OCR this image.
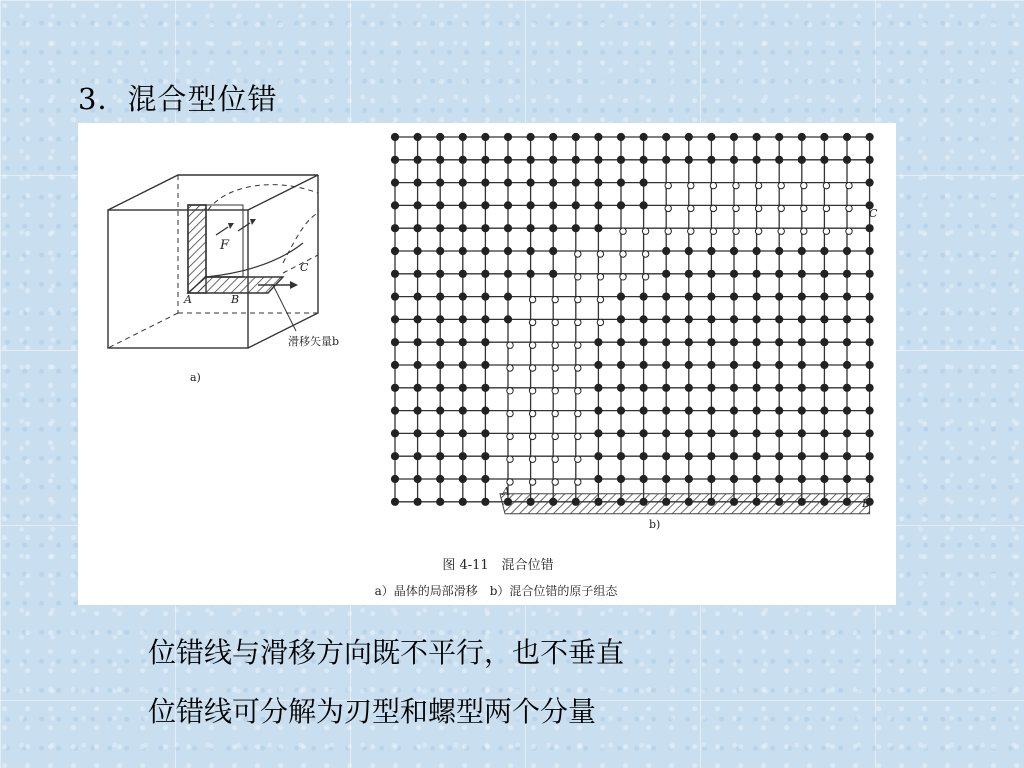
3．混合型位错
F
A	B
C
滑移矢量b
a)
A
B
C
b)
图 4-11　混合位错
a）晶体的局部滑移　b）混合位错的原子组态
位错线与滑移方向既不平行，也不垂直
位错线可分解为刃型和螺型两个分量
